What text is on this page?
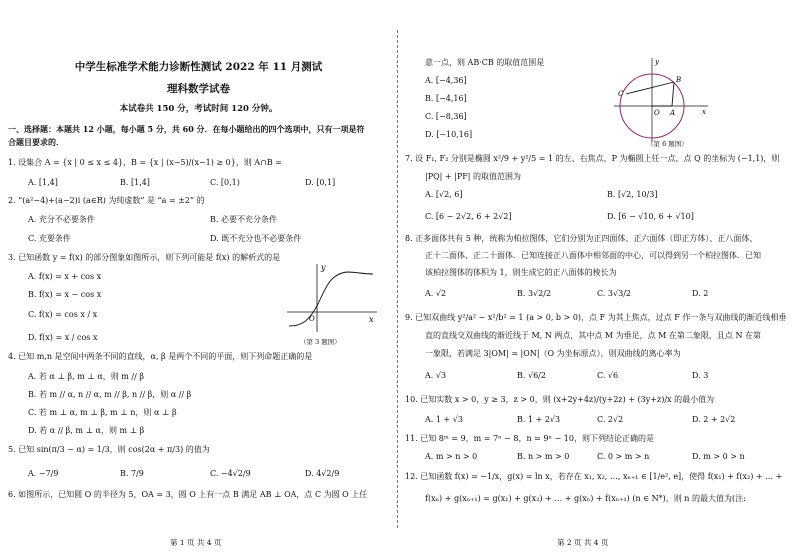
中学生标准学术能力诊断性测试 2022 年 11 月测试
理科数学试卷
本试卷共 150 分，考试时间 120 分钟。
一、选择题：本题共 12 小题，每小题 5 分，共 60 分．在每小题给出的四个选项中，只有一项是符
合题目要求的．
1. 设集合 A = {x | 0 ≤ x ≤ 4}，B = {x | (x−5)/(x−1) ≥ 0}，则 A∩B =
A. [1,4]	B. [1,4]	C. [0,1)	D. [0,1]
2. “(a²−4)+(a−2)i (a∈R) 为纯虚数” 是 “a = ±2” 的
A. 充分不必要条件	B. 必要不充分条件
C. 充要条件	D. 既不充分也不必要条件
3. 已知函数 y = f(x) 的部分图象如图所示，则下列可能是 f(x) 的解析式的是
A. f(x) = x + cos x
B. f(x) = x − cos x
C. f(x) = cos x / x
D. f(x) = x / cos x
y
x
O
（第 3 题图）
4. 已知 m,n 是空间中两条不同的直线，α, β 是两个不同的平面，则下列命题正确的是
A. 若 α ⊥ β, m ⊥ α，则 m // β
B. 若 m // α, n // α, m // β, n // β，则 α // β
C. 若 m ⊥ α, m ⊥ β, m ⊥ n，则 α ⊥ β
D. 若 α // β, m ⊥ α，则 m ⊥ β
5. 已知 sin(π/3 − α) = 1/3，则 cos(2α + π/3) 的值为
A. −7/9	B. 7/9	C. −4√2/9	D. 4√2/9
6. 如图所示，已知圆 O 的半径为 5，OA = 3，圆 O 上有一点 B 满足 AB ⊥ OA，点 C 为圆 O 上任
第 1 页 共 4 页
意一点，则 AB·CB 的取值范围是
A. [−4,36]
B. [−4,16]
C. [−8,36]
D. [−10,16]
y
x
B
C
O A
（第 6 题图）
7. 设 F₁, F₂ 分别是椭圆 x²/9 + y²/5 = 1 的左、右焦点，P 为椭圆上任一点，点 Q 的坐标为 (−1,1)，则
|PQ| + |PF| 的取值范围为
A. [√2, 6]	B. [√2, 10/3]
C. [6 − 2√2, 6 + 2√2]	D. [6 − √10, 6 + √10]
8. 正多面体共有 5 种，统称为柏拉图体，它们分别为正四面体、正六面体（即正方体）、正八面体、
正十二面体、正二十面体．已知连接正八面体中相邻面的中心，可以得到另一个柏拉图体．已知
该柏拉图体的体积为 1，则生成它的正八面体的棱长为
A. √2	B. 3√2/2	C. 3√3/2	D. 2
9. 已知双曲线 y²/a² − x²/b² = 1 (a > 0, b > 0)，点 F 为其上焦点，过点 F 作一条与双曲线的渐近线相垂
直的直线交双曲线的渐近线于 M, N 两点，其中点 M 为垂足，点 M 在第二象限，且点 N 在第
一象限，若满足 3|OM| = |ON|（O 为坐标原点），则双曲线的离心率为
A. √3	B. √6/2	C. √6	D. 3
10. 已知实数 x > 0，y ≥ 3，z > 0，则 (x+2y+4z)/(y+2z) + (3y+z)/x 的最小值为
A. 1 + √3	B. 1 + 2√3	C. 2√2	D. 2 + 2√2
11. 已知 8ᵐ = 9，m = 7ⁿ − 8，n = 9ⁿ − 10，则下列结论正确的是
A. m > n > 0	B. n > m > 0	C. 0 > m > n	D. m > 0 > n
12. 已知函数 f(x) = −1/x，g(x) = ln x，若存在 x₁, x₂, …, xₙ₊₁ ∈ [1/e², e]，使得 f(x₁) + f(x₂) + … +
f(xₙ) + g(xₙ₊₁) = g(x₁) + g(x₂) + … + g(xₙ) + f(xₙ₊₁) (n ∈ N*)，则 n 的最大值为(注:
第 2 页 共 4 页
